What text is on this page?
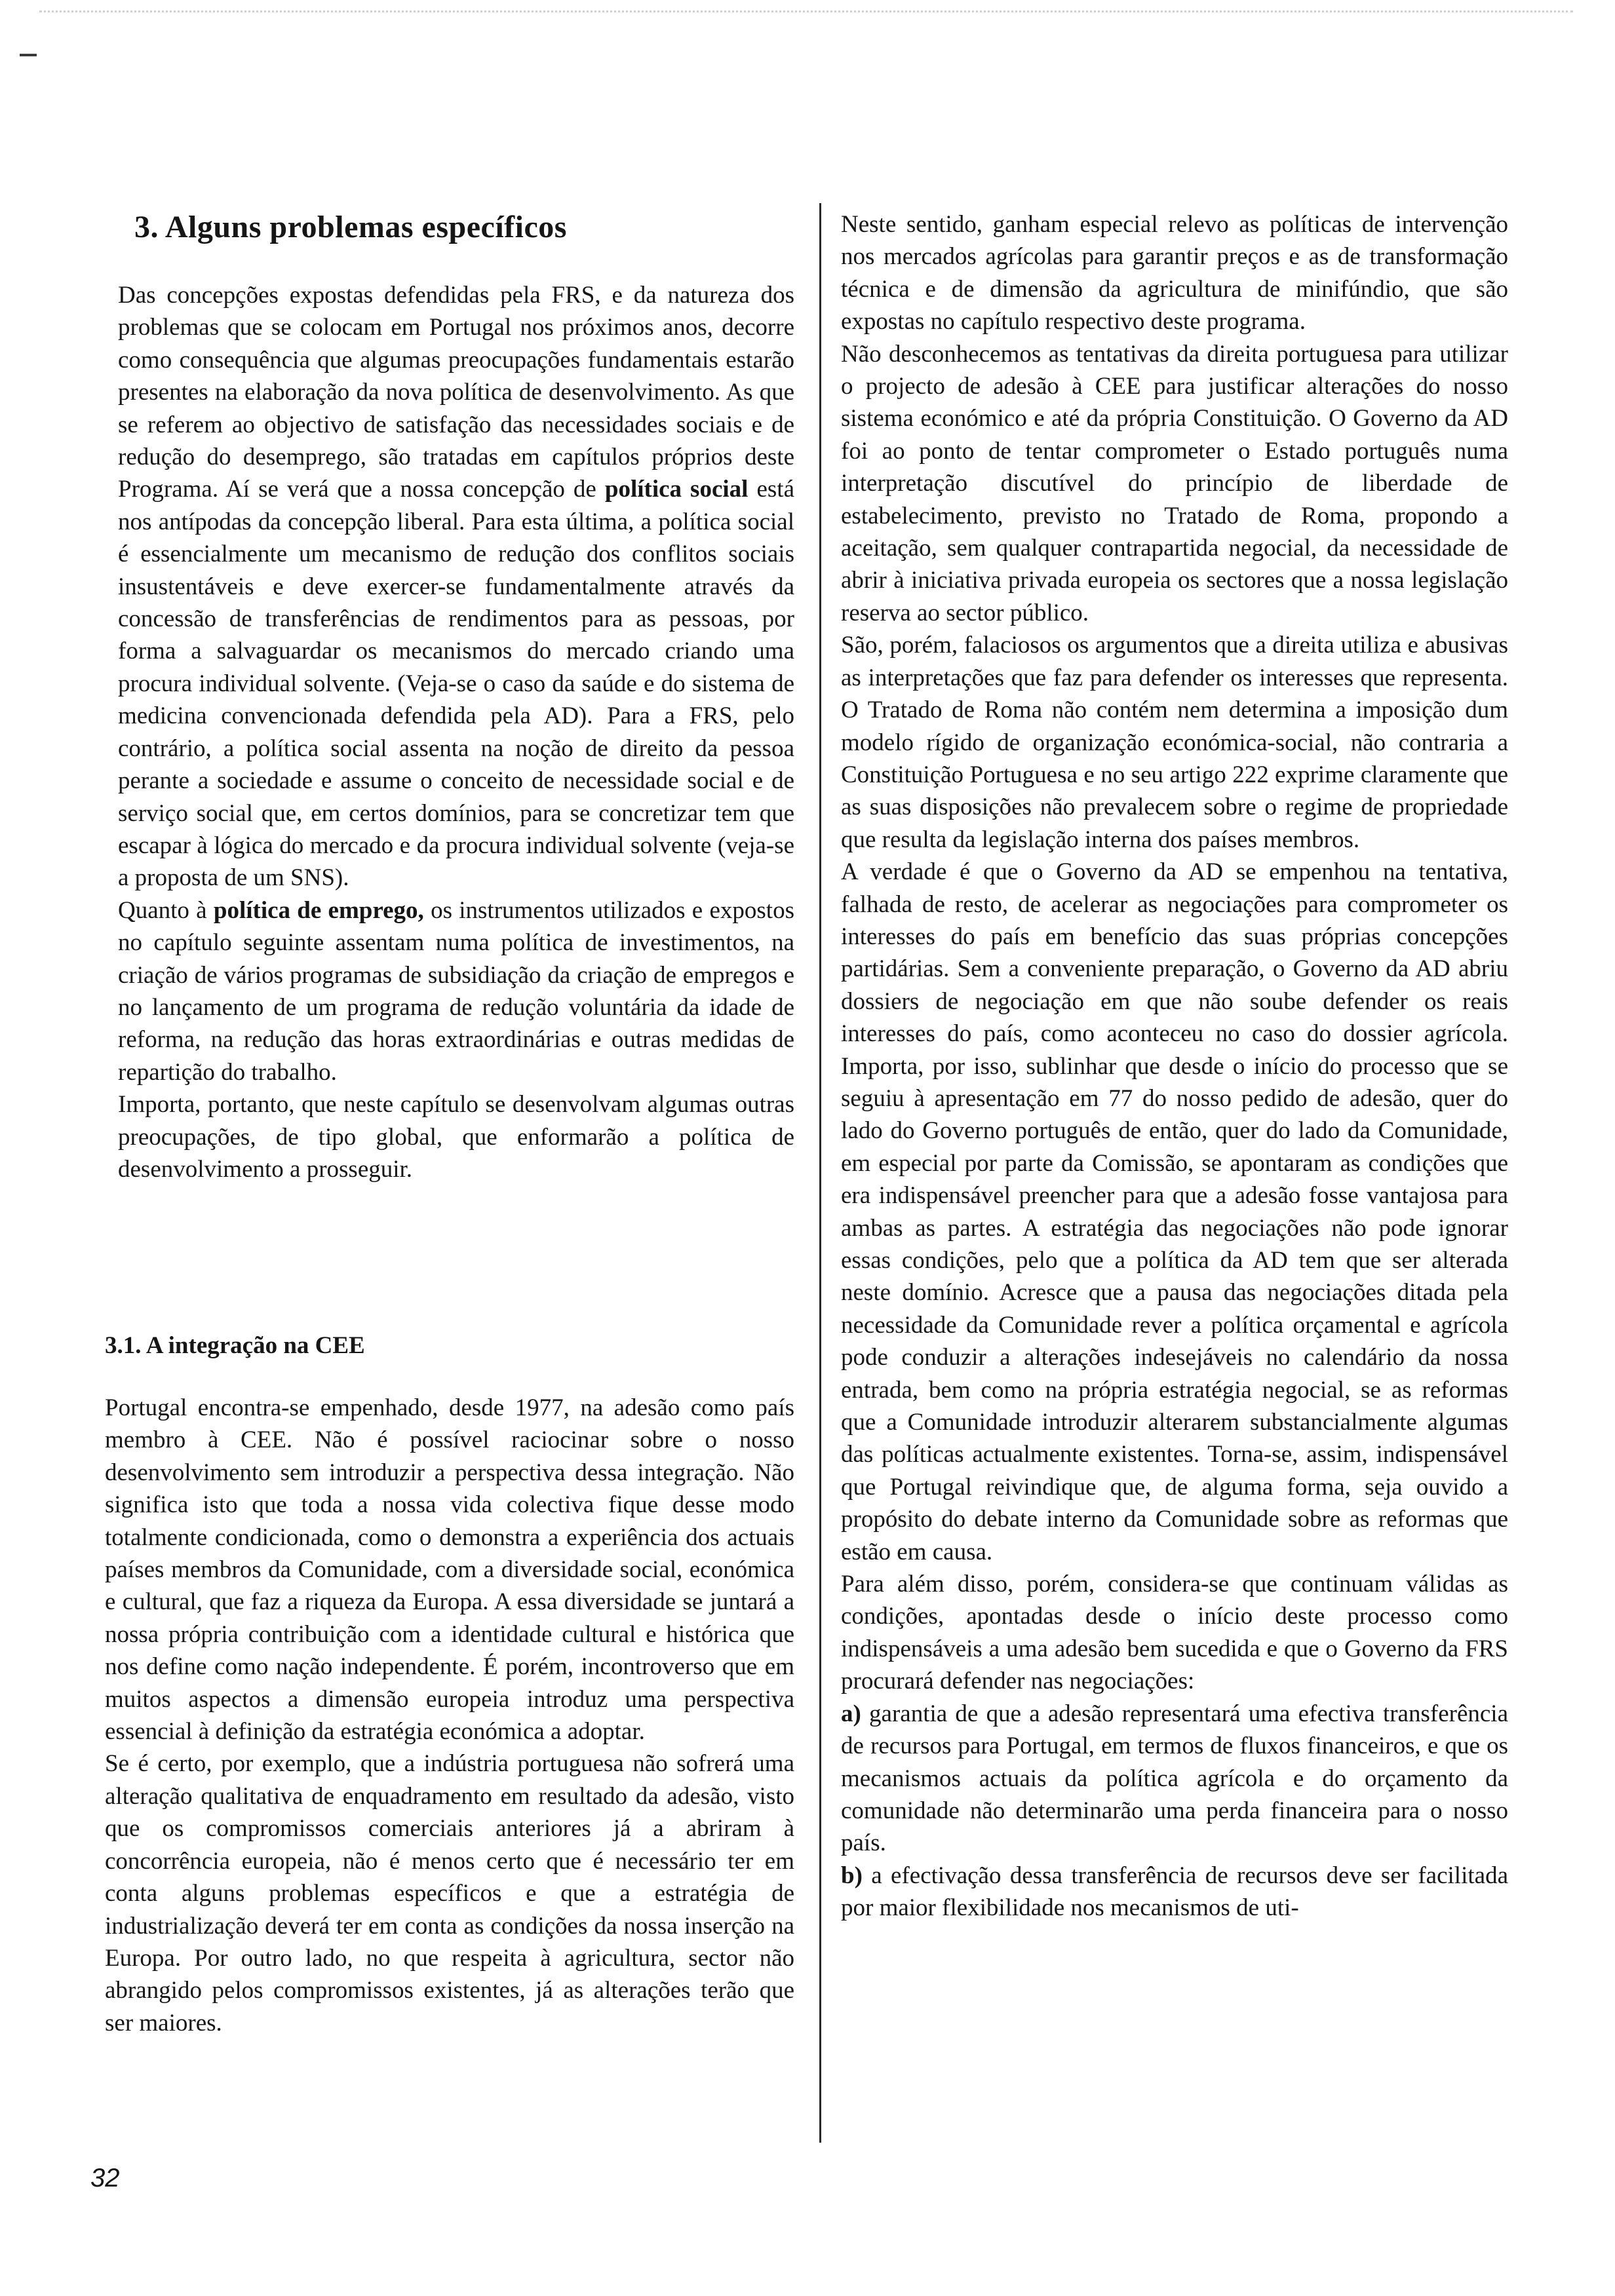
3. Alguns problemas específicos

Das concepções expostas defendidas pela FRS, e da natureza dos problemas que se colocam em Portugal nos próximos anos, decorre como consequência que algumas preocupações fundamentais estarão presentes na elaboração da nova política de desenvolvimento. As que se referem ao objectivo de satisfação das necessidades sociais e de redução do desemprego, são tratadas em capítulos próprios deste Programa. Aí se verá que a nossa concepção de política social está nos antípodas da concepção liberal. Para esta última, a política social é essencialmente um mecanismo de redução dos conflitos sociais insustentáveis e deve exercer-se fundamentalmente através da concessão de transferências de rendimentos para as pessoas, por forma a salvaguardar os mecanismos do mercado criando uma procura individual solvente. (Veja-se o caso da saúde e do sistema de medicina convencionada defendida pela AD). Para a FRS, pelo contrário, a política social assenta na noção de direito da pessoa perante a sociedade e assume o conceito de necessidade social e de serviço social que, em certos domínios, para se concretizar tem que escapar à lógica do mercado e da procura individual solvente (veja-se a proposta de um SNS).

Quanto à política de emprego, os instrumentos utilizados e expostos no capítulo seguinte assentam numa política de investimentos, na criação de vários programas de subsidiação da criação de empregos e no lançamento de um programa de redução voluntária da idade de reforma, na redução das horas extraordinárias e outras medidas de repartição do trabalho.

Importa, portanto, que neste capítulo se desenvolvam algumas outras preocupações, de tipo global, que enformarão a política de desenvolvimento a prosseguir.

3.1. A integração na CEE

Portugal encontra-se empenhado, desde 1977, na adesão como país membro à CEE. Não é possível raciocinar sobre o nosso desenvolvimento sem introduzir a perspectiva dessa integração. Não significa isto que toda a nossa vida colectiva fique desse modo totalmente condicionada, como o demonstra a experiência dos actuais países membros da Comunidade, com a diversidade social, económica e cultural, que faz a riqueza da Europa. A essa diversidade se juntará a nossa própria contribuição com a identidade cultural e histórica que nos define como nação independente. É porém, incontroverso que em muitos aspectos a dimensão europeia introduz uma perspectiva essencial à definição da estratégia económica a adoptar.

Se é certo, por exemplo, que a indústria portuguesa não sofrerá uma alteração qualitativa de enquadramento em resultado da adesão, visto que os compromissos comerciais anteriores já a abriram à concorrência europeia, não é menos certo que é necessário ter em conta alguns problemas específicos e que a estratégia de industrialização deverá ter em conta as condições da nossa inserção na Europa. Por outro lado, no que respeita à agricultura, sector não abrangido pelos compromissos existentes, já as alterações terão que ser maiores.

Neste sentido, ganham especial relevo as políticas de intervenção nos mercados agrícolas para garantir preços e as de transformação técnica e de dimensão da agricultura de minifúndio, que são expostas no capítulo respectivo deste programa.

Não desconhecemos as tentativas da direita portuguesa para utilizar o projecto de adesão à CEE para justificar alterações do nosso sistema económico e até da própria Constituição. O Governo da AD foi ao ponto de tentar comprometer o Estado português numa interpretação discutível do princípio de liberdade de estabelecimento, previsto no Tratado de Roma, propondo a aceitação, sem qualquer contrapartida negocial, da necessidade de abrir à iniciativa privada europeia os sectores que a nossa legislação reserva ao sector público.

São, porém, falaciosos os argumentos que a direita utiliza e abusivas as interpretações que faz para defender os interesses que representa. O Tratado de Roma não contém nem determina a imposição dum modelo rígido de organização económica-social, não contraria a Constituição Portuguesa e no seu artigo 222 exprime claramente que as suas disposições não prevalecem sobre o regime de propriedade que resulta da legislação interna dos países membros.

A verdade é que o Governo da AD se empenhou na tentativa, falhada de resto, de acelerar as negociações para comprometer os interesses do país em benefício das suas próprias concepções partidárias. Sem a conveniente preparação, o Governo da AD abriu dossiers de negociação em que não soube defender os reais interesses do país, como aconteceu no caso do dossier agrícola. Importa, por isso, sublinhar que desde o início do processo que se seguiu à apresentação em 77 do nosso pedido de adesão, quer do lado do Governo português de então, quer do lado da Comunidade, em especial por parte da Comissão, se apontaram as condições que era indispensável preencher para que a adesão fosse vantajosa para ambas as partes. A estratégia das negociações não pode ignorar essas condições, pelo que a política da AD tem que ser alterada neste domínio. Acresce que a pausa das negociações ditada pela necessidade da Comunidade rever a política orçamental e agrícola pode conduzir a alterações indesejáveis no calendário da nossa entrada, bem como na própria estratégia negocial, se as reformas que a Comunidade introduzir alterarem substancialmente algumas das políticas actualmente existentes. Torna-se, assim, indispensável que Portugal reivindique que, de alguma forma, seja ouvido a propósito do debate interno da Comunidade sobre as reformas que estão em causa.

Para além disso, porém, considera-se que continuam válidas as condições, apontadas desde o início deste processo como indispensáveis a uma adesão bem sucedida e que o Governo da FRS procurará defender nas negociações:

a) garantia de que a adesão representará uma efectiva transferência de recursos para Portugal, em termos de fluxos financeiros, e que os mecanismos actuais da política agrícola e do orçamento da comunidade não determinarão uma perda financeira para o nosso país.

b) a efectivação dessa transferência de recursos deve ser facilitada por maior flexibilidade nos mecanismos de uti-

32
